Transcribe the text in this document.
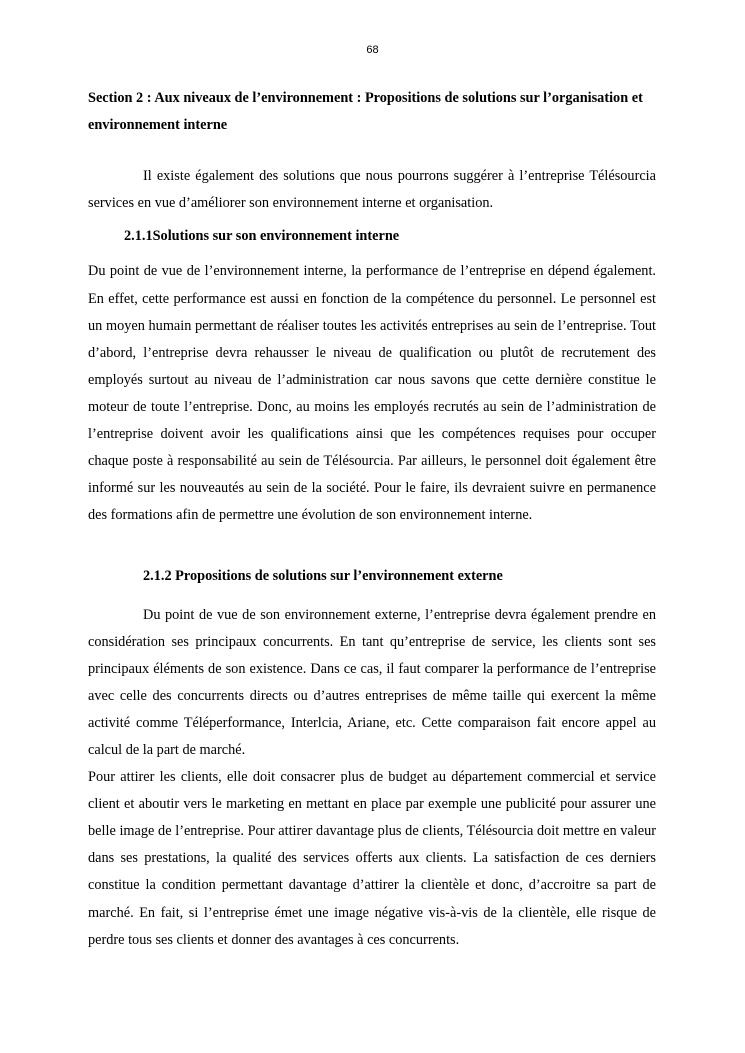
68
Section 2 : Aux niveaux de l’environnement : Propositions de solutions sur l’organisation et environnement interne

Il existe également des solutions que nous pourrons suggérer à l’entreprise Télésourcia services en vue d’améliorer son environnement interne et organisation.

2.1.1Solutions sur son environnement interne

Du point de vue de l’environnement interne, la performance de l’entreprise en dépend également. En effet, cette performance est aussi en fonction de la compétence du personnel. Le personnel est un moyen humain permettant de réaliser toutes les activités entreprises au sein de l’entreprise. Tout d’abord, l’entreprise devra rehausser le niveau de qualification ou plutôt de recrutement des employés surtout au niveau de l’administration car nous savons que cette dernière constitue le moteur de toute l’entreprise. Donc, au moins les employés recrutés au sein de l’administration de l’entreprise doivent avoir les qualifications ainsi que les compétences requises pour occuper chaque poste à responsabilité au sein de Télésourcia. Par ailleurs, le personnel doit également être informé sur les nouveautés au sein de la société. Pour le faire, ils devraient suivre en permanence des formations afin de permettre une évolution de son environnement interne.

2.1.2 Propositions de solutions sur l’environnement externe

Du point de vue de son environnement externe, l’entreprise devra également prendre en considération ses principaux concurrents. En tant qu’entreprise de service, les clients sont ses principaux éléments de son existence. Dans ce cas, il faut comparer la performance de l’entreprise avec celle des concurrents directs ou d’autres entreprises de même taille qui exercent la même activité comme Téléperformance, Interlcia, Ariane, etc. Cette comparaison fait encore appel au calcul de la part de marché.

Pour attirer les clients, elle doit consacrer plus de budget au département commercial et service client et aboutir vers le marketing en mettant en place par exemple une publicité pour assurer une belle image de l’entreprise. Pour attirer davantage plus de clients, Télésourcia doit mettre en valeur dans ses prestations, la qualité des services offerts aux clients. La satisfaction de ces derniers constitue la condition permettant davantage d’attirer la clientèle et donc, d’accroitre sa part de marché. En fait, si l’entreprise émet une image négative vis-à-vis de la clientèle, elle risque de perdre tous ses clients et donner des avantages à ces concurrents.
